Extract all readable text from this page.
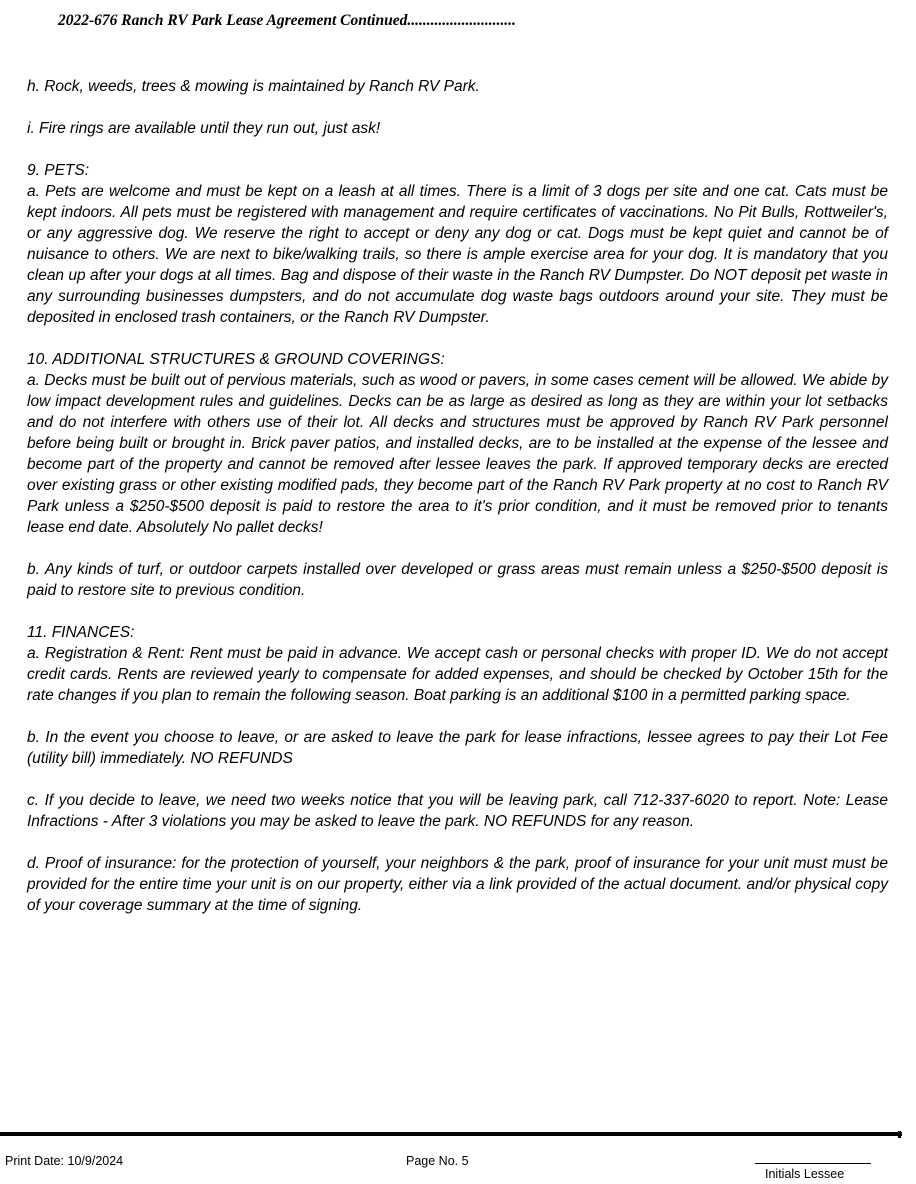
2022-676 Ranch RV Park Lease Agreement Continued............................

h. Rock, weeds, trees & mowing is maintained by Ranch RV Park.

i. Fire rings are available until they run out, just ask!

9. PETS:

a. Pets are welcome and must be kept on a leash at all times. There is a limit of 3 dogs per site and one cat. Cats must be kept indoors. All pets must be registered with management and require certificates of vaccinations. No Pit Bulls, Rottweiler's, or any aggressive dog. We reserve the right to accept or deny any dog or cat. Dogs must be kept quiet and cannot be of nuisance to others. We are next to bike/walking trails, so there is ample exercise area for your dog. It is mandatory that you clean up after your dogs at all times. Bag and dispose of their waste in the Ranch RV Dumpster. Do NOT deposit pet waste in any surrounding businesses dumpsters, and do not accumulate dog waste bags outdoors around your site. They must be deposited in enclosed trash containers, or the Ranch RV Dumpster.

10. ADDITIONAL STRUCTURES & GROUND COVERINGS:

a. Decks must be built out of pervious materials, such as wood or pavers, in some cases cement will be allowed. We abide by low impact development rules and guidelines. Decks can be as large as desired as long as they are within your lot setbacks and do not interfere with others use of their lot. All decks and structures must be approved by Ranch RV Park personnel before being built or brought in. Brick paver patios, and installed decks, are to be installed at the expense of the lessee and become part of the property and cannot be removed after lessee leaves the park. If approved temporary decks are erected over existing grass or other existing modified pads, they become part of the Ranch RV Park property at no cost to Ranch RV Park unless a $250-$500 deposit is paid to restore the area to it's prior condition, and it must be removed prior to tenants lease end date. Absolutely No pallet decks!

b. Any kinds of turf, or outdoor carpets installed over developed or grass areas must remain unless a $250-$500 deposit is paid to restore site to previous condition.

11. FINANCES:

a. Registration & Rent: Rent must be paid in advance. We accept cash or personal checks with proper ID. We do not accept credit cards. Rents are reviewed yearly to compensate for added expenses, and should be checked by October 15th for the rate changes if you plan to remain the following season. Boat parking is an additional $100 in a permitted parking space.

b. In the event you choose to leave, or are asked to leave the park for lease infractions, lessee agrees to pay their Lot Fee (utility bill) immediately. NO REFUNDS

c. If you decide to leave, we need two weeks notice that you will be leaving park, call 712-337-6020 to report. Note: Lease Infractions - After 3 violations you may be asked to leave the park. NO REFUNDS for any reason.

d. Proof of insurance: for the protection of yourself, your neighbors & the park, proof of insurance for your unit must must be provided for the entire time your unit is on our property, either via a link provided of the actual document. and/or physical copy of your coverage summary at the time of signing.

Print Date: 10/9/2024	Page No. 5
Initials Lessee
